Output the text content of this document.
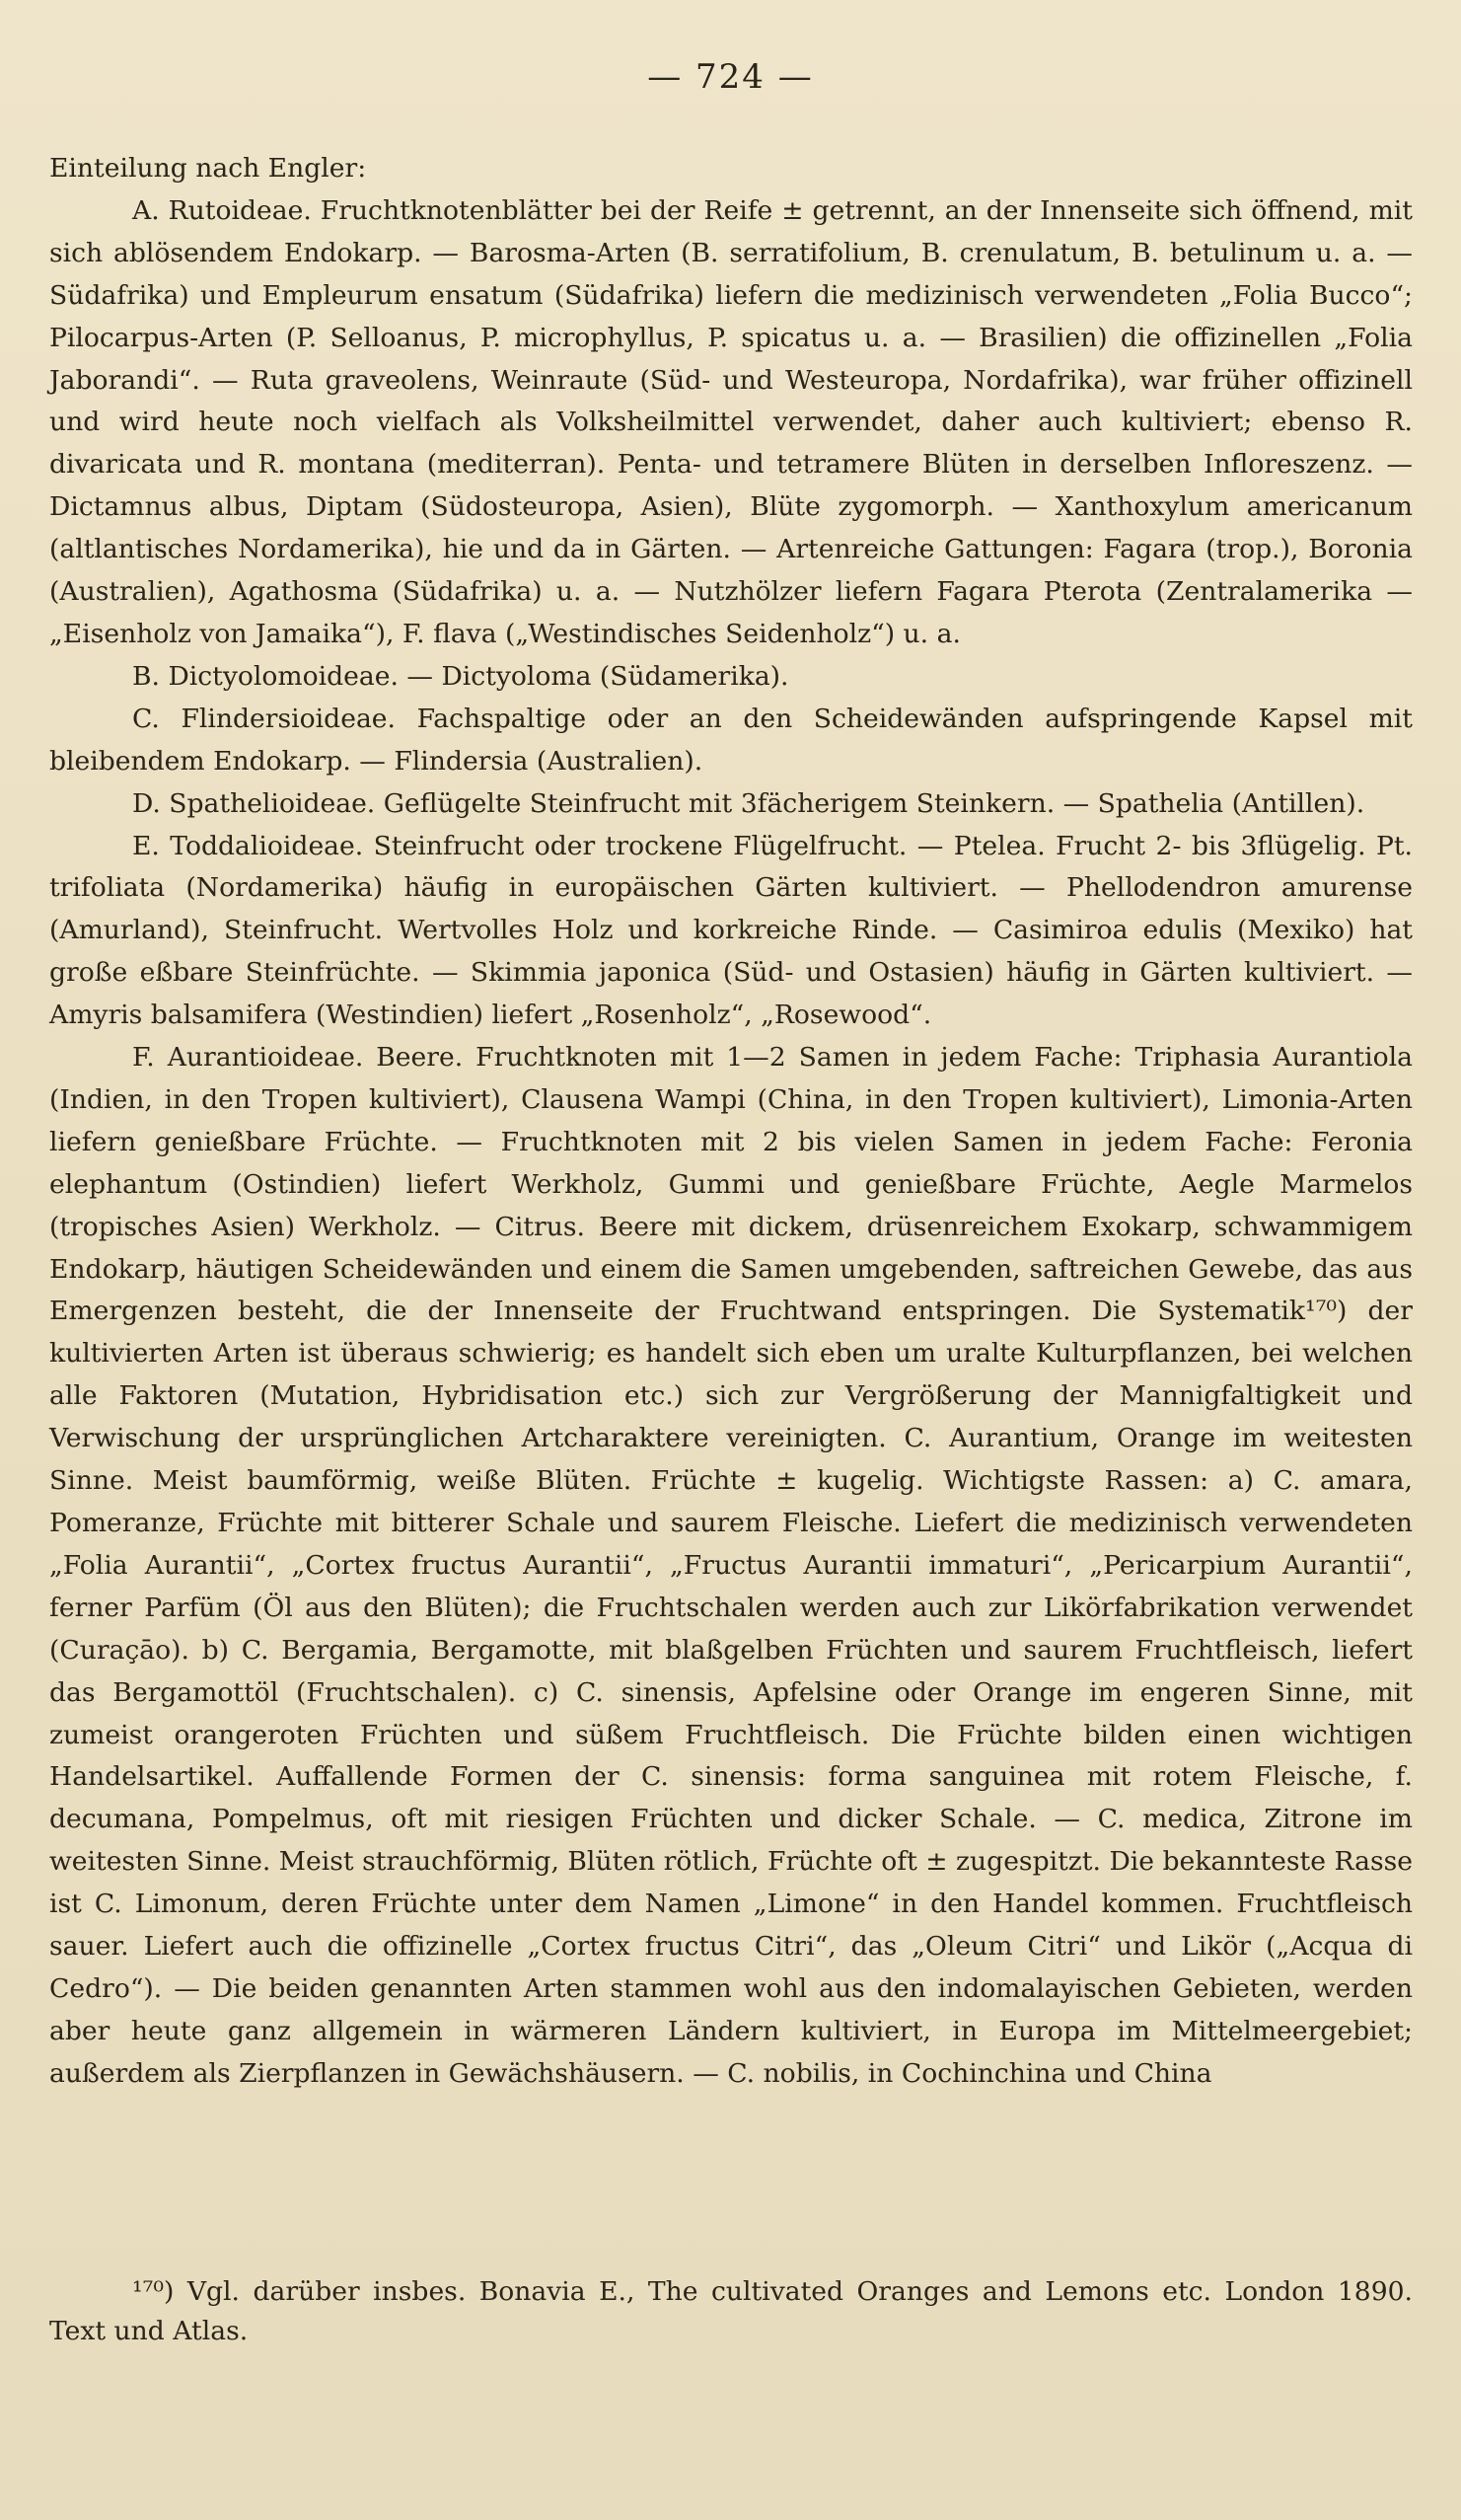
— 724 —

Einteilung nach Engler:

A. Rutoideae. Fruchtknotenblätter bei der Reife ± getrennt, an der Innenseite sich öffnend, mit sich ablösendem Endokarp. — Barosma-Arten (B. serratifolium, B. crenulatum, B. betulinum u. a. — Südafrika) und Empleurum ensatum (Südafrika) liefern die medizinisch verwendeten „Folia Bucco“; Pilocarpus-Arten (P. Selloanus, P. microphyllus, P. spicatus u. a. — Brasilien) die offizinellen „Folia Jaborandi“. — Ruta graveolens, Weinraute (Süd- und Westeuropa, Nordafrika), war früher offizinell und wird heute noch vielfach als Volksheilmittel verwendet, daher auch kultiviert; ebenso R. divaricata und R. montana (mediterran). Penta- und tetramere Blüten in derselben Infloreszenz. — Dictamnus albus, Diptam (Südosteuropa, Asien), Blüte zygomorph. — Xanthoxylum americanum (altlantisches Nordamerika), hie und da in Gärten. — Artenreiche Gattungen: Fagara (trop.), Boronia (Australien), Agathosma (Südafrika) u. a. — Nutzhölzer liefern Fagara Pterota (Zentralamerika — „Eisenholz von Jamaika“), F. flava („Westindisches Seidenholz“) u. a.

B. Dictyolomoideae. — Dictyoloma (Südamerika).

C. Flindersioideae. Fachspaltige oder an den Scheidewänden aufspringende Kapsel mit bleibendem Endokarp. — Flindersia (Australien).

D. Spathelioideae. Geflügelte Steinfrucht mit 3fächerigem Steinkern. — Spathelia (Antillen).

E. Toddalioideae. Steinfrucht oder trockene Flügelfrucht. — Ptelea. Frucht 2- bis 3flügelig. Pt. trifoliata (Nordamerika) häufig in europäischen Gärten kultiviert. — Phellodendron amurense (Amurland), Steinfrucht. Wertvolles Holz und korkreiche Rinde. — Casimiroa edulis (Mexiko) hat große eßbare Steinfrüchte. — Skimmia japonica (Süd- und Ostasien) häufig in Gärten kultiviert. — Amyris balsamifera (Westindien) liefert „Rosenholz“, „Rosewood“.

F. Aurantioideae. Beere. Fruchtknoten mit 1—2 Samen in jedem Fache: Triphasia Aurantiola (Indien, in den Tropen kultiviert), Clausena Wampi (China, in den Tropen kultiviert), Limonia-Arten liefern genießbare Früchte. — Fruchtknoten mit 2 bis vielen Samen in jedem Fache: Feronia elephantum (Ostindien) liefert Werkholz, Gummi und genießbare Früchte, Aegle Marmelos (tropisches Asien) Werkholz. — Citrus. Beere mit dickem, drüsenreichem Exokarp, schwammigem Endokarp, häutigen Scheidewänden und einem die Samen umgebenden, saftreichen Gewebe, das aus Emergenzen besteht, die der Innenseite der Fruchtwand entspringen. Die Systematik¹⁷⁰) der kultivierten Arten ist überaus schwierig; es handelt sich eben um uralte Kulturpflanzen, bei welchen alle Faktoren (Mutation, Hybridisation etc.) sich zur Vergrößerung der Mannigfaltigkeit und Verwischung der ursprünglichen Artcharaktere vereinigten. C. Aurantium, Orange im weitesten Sinne. Meist baumförmig, weiße Blüten. Früchte ± kugelig. Wichtigste Rassen: a) C. amara, Pomeranze, Früchte mit bitterer Schale und saurem Fleische. Liefert die medizinisch verwendeten „Folia Aurantii“, „Cortex fructus Aurantii“, „Fructus Aurantii immaturi“, „Pericarpium Aurantii“, ferner Parfüm (Öl aus den Blüten); die Fruchtschalen werden auch zur Likörfabrikation verwendet (Curaçāo). b) C. Bergamia, Bergamotte, mit blaßgelben Früchten und saurem Fruchtfleisch, liefert das Bergamottöl (Fruchtschalen). c) C. sinensis, Apfelsine oder Orange im engeren Sinne, mit zumeist orangeroten Früchten und süßem Fruchtfleisch. Die Früchte bilden einen wichtigen Handelsartikel. Auffallende Formen der C. sinensis: forma sanguinea mit rotem Fleische, f. decumana, Pompelmus, oft mit riesigen Früchten und dicker Schale. — C. medica, Zitrone im weitesten Sinne. Meist strauchförmig, Blüten rötlich, Früchte oft ± zugespitzt. Die bekannteste Rasse ist C. Limonum, deren Früchte unter dem Namen „Limone“ in den Handel kommen. Fruchtfleisch sauer. Liefert auch die offizinelle „Cortex fructus Citri“, das „Oleum Citri“ und Likör („Acqua di Cedro“). — Die beiden genannten Arten stammen wohl aus den indomalayischen Gebieten, werden aber heute ganz allgemein in wärmeren Ländern kultiviert, in Europa im Mittelmeergebiet; außerdem als Zierpflanzen in Gewächshäusern. — C. nobilis, in Cochinchina und China

¹⁷⁰) Vgl. darüber insbes. Bonavia E., The cultivated Oranges and Lemons etc. London 1890. Text und Atlas.
